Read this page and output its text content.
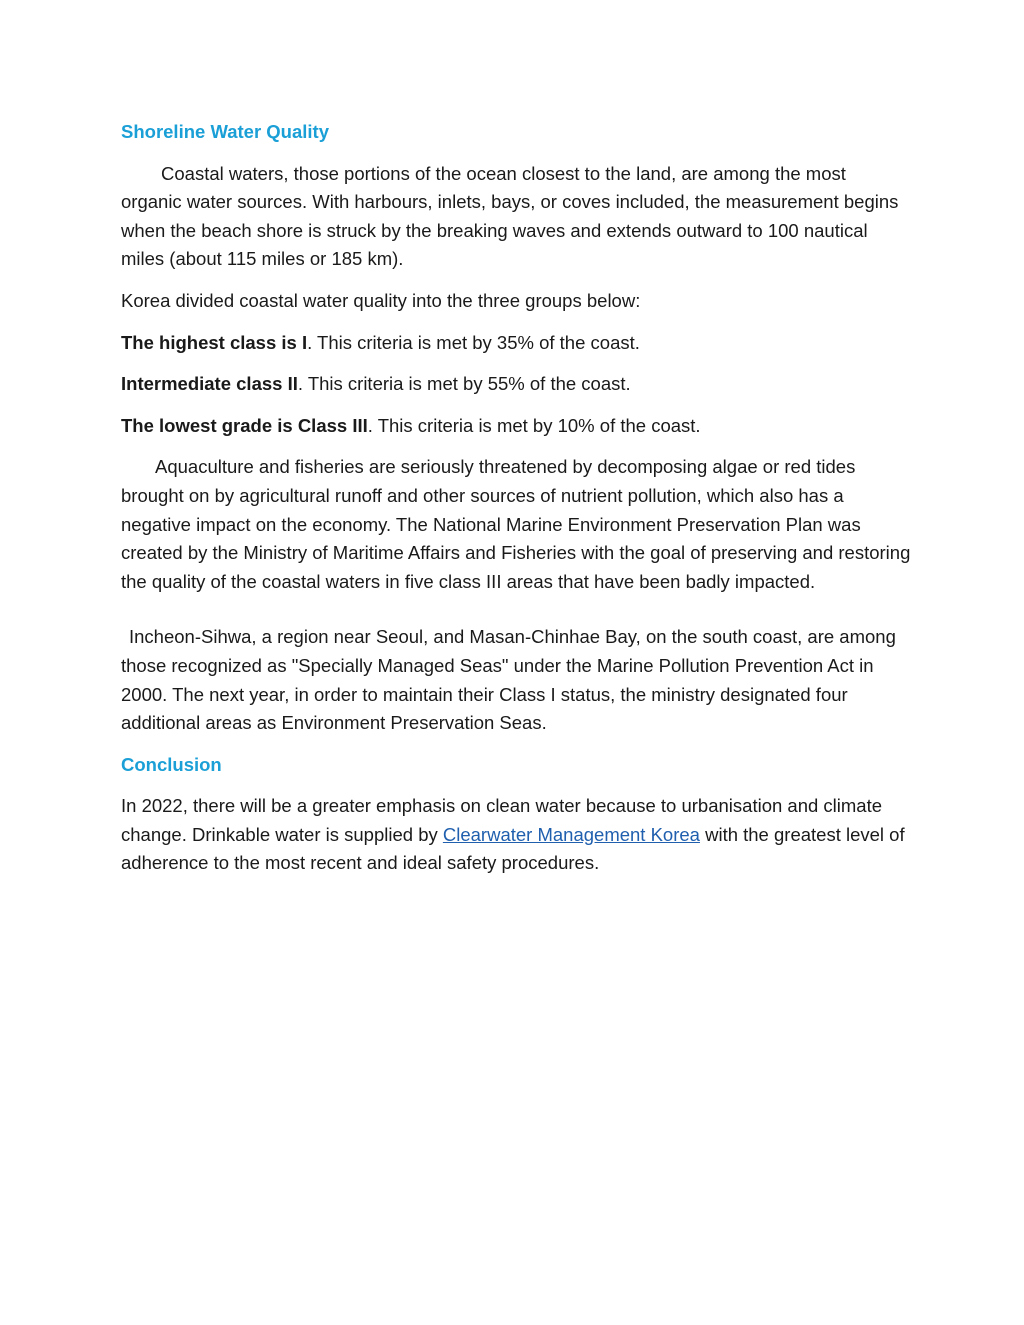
Shoreline Water Quality

Coastal waters, those portions of the ocean closest to the land, are among the most organic water sources. With harbours, inlets, bays, or coves included, the measurement begins when the beach shore is struck by the breaking waves and extends outward to 100 nautical miles (about 115 miles or 185 km).

Korea divided coastal water quality into the three groups below:

The highest class is I. This criteria is met by 35% of the coast.

Intermediate class II. This criteria is met by 55% of the coast.

The lowest grade is Class III. This criteria is met by 10% of the coast.

Aquaculture and fisheries are seriously threatened by decomposing algae or red tides brought on by agricultural runoff and other sources of nutrient pollution, which also has a negative impact on the economy. The National Marine Environment Preservation Plan was created by the Ministry of Maritime Affairs and Fisheries with the goal of preserving and restoring the quality of the coastal waters in five class III areas that have been badly impacted.

Incheon-Sihwa, a region near Seoul, and Masan-Chinhae Bay, on the south coast, are among those recognized as "Specially Managed Seas" under the Marine Pollution Prevention Act in 2000. The next year, in order to maintain their Class I status, the ministry designated four additional areas as Environment Preservation Seas.

Conclusion

In 2022, there will be a greater emphasis on clean water because to urbanisation and climate change. Drinkable water is supplied by Clearwater Management Korea with the greatest level of adherence to the most recent and ideal safety procedures.
